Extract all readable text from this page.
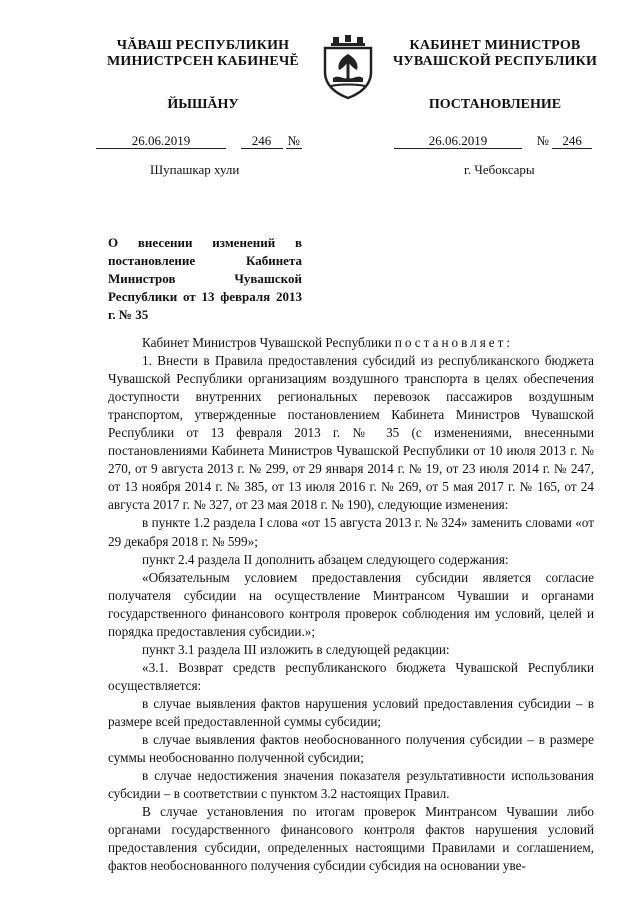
ЧĂВАШ РЕСПУБЛИКИН
МИНИСТРСЕН КАБИНЕЧĔ
ЙЫШĂНУ
КАБИНЕТ МИНИСТРОВ
ЧУВАШСКОЙ РЕСПУБЛИКИ
ПОСТАНОВЛЕНИЕ
26.06.2019	246 №	26.06.2019	№ 246
Шупашкар хули	г. Чебоксары
О внесении изменений в постановление Кабинета Министров Чувашской Республики от 13 февраля 2013 г. № 35

Кабинет Министров Чувашской Республики постановляет:

1. Внести в Правила предоставления субсидий из республиканского бюджета Чувашской Республики организациям воздушного транспорта в целях обеспечения доступности внутренних региональных перевозок пассажиров воздушным транспортом, утвержденные постановлением Кабинета Министров Чувашской Республики от 13 февраля 2013 г. № 35 (с изменениями, внесенными постановлениями Кабинета Министров Чувашской Республики от 10 июля 2013 г. № 270, от 9 августа 2013 г. № 299, от 29 января 2014 г. № 19, от 23 июля 2014 г. № 247, от 13 ноября 2014 г. № 385, от 13 июля 2016 г. № 269, от 5 мая 2017 г. № 165, от 24 августа 2017 г. № 327, от 23 мая 2018 г. № 190), следующие изменения:

в пункте 1.2 раздела I слова «от 15 августа 2013 г. № 324» заменить словами «от 29 декабря 2018 г. № 599»;

пункт 2.4 раздела II дополнить абзацем следующего содержания:

«Обязательным условием предоставления субсидии является согласие получателя субсидии на осуществление Минтрансом Чувашии и органами государственного финансового контроля проверок соблюдения им условий, целей и порядка предоставления субсидии.»;

пункт 3.1 раздела III изложить в следующей редакции:

«3.1. Возврат средств республиканского бюджета Чувашской Республики осуществляется:

в случае выявления фактов нарушения условий предоставления субсидии – в размере всей предоставленной суммы субсидии;

в случае выявления фактов необоснованного получения субсидии – в размере суммы необоснованно полученной субсидии;

в случае недостижения значения показателя результативности использования субсидии – в соответствии с пунктом 3.2 настоящих Правил.

В случае установления по итогам проверок Минтрансом Чувашии либо органами государственного финансового контроля фактов нарушения условий предоставления субсидии, определенных настоящими Правилами и соглашением, фактов необоснованного получения субсидии субсидия на основании уве-
